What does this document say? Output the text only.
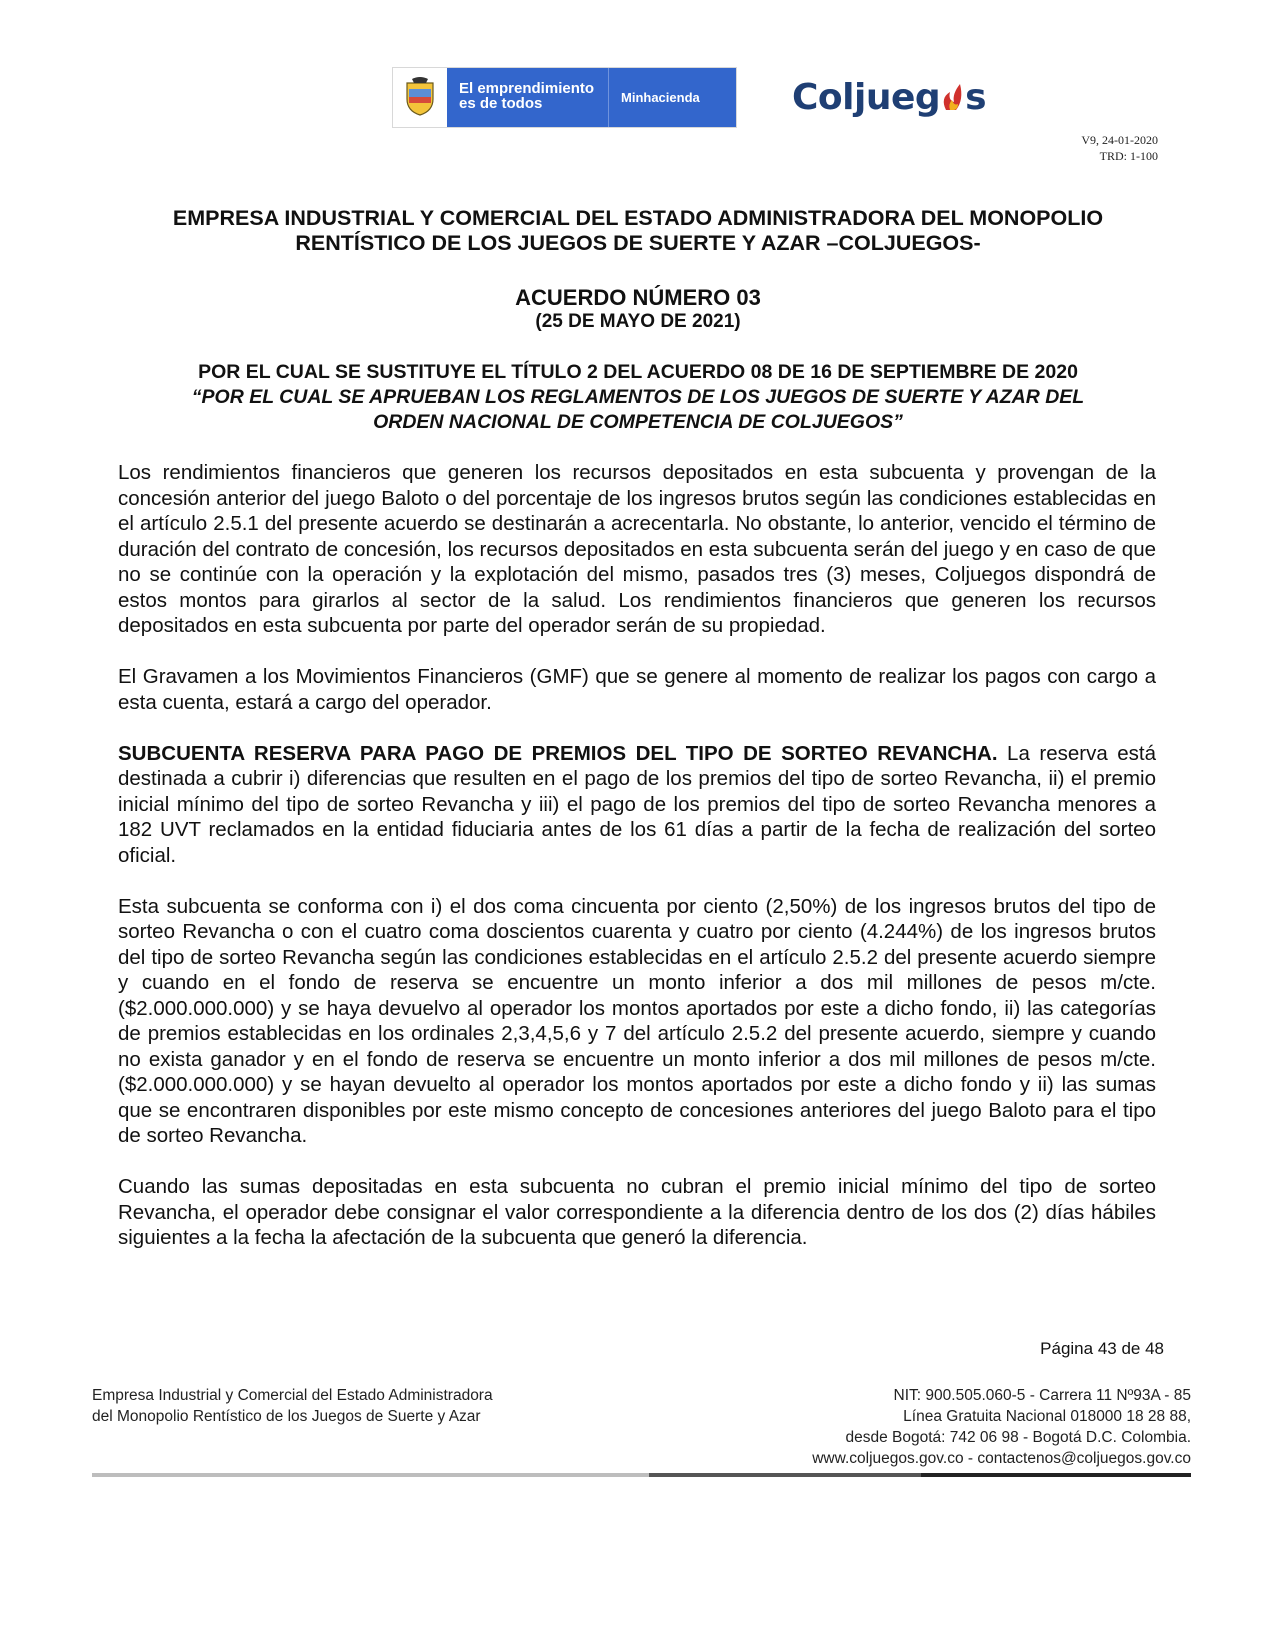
El emprendimiento
es de todos	Minhacienda	Coljueg s
V9, 24-01-2020
TRD: 1-100
EMPRESA INDUSTRIAL Y COMERCIAL DEL ESTADO ADMINISTRADORA DEL MONOPOLIO
RENTÍSTICO DE LOS JUEGOS DE SUERTE Y AZAR –COLJUEGOS-
ACUERDO NÚMERO 03
(25 DE MAYO DE 2021)
POR EL CUAL SE SUSTITUYE EL TÍTULO 2 DEL ACUERDO 08 DE 16 DE SEPTIEMBRE DE 2020
“POR EL CUAL SE APRUEBAN LOS REGLAMENTOS DE LOS JUEGOS DE SUERTE Y AZAR DEL
ORDEN NACIONAL DE COMPETENCIA DE COLJUEGOS”

Los rendimientos financieros que generen los recursos depositados en esta subcuenta y provengan de la concesión anterior del juego Baloto o del porcentaje de los ingresos brutos según las condiciones establecidas en el artículo 2.5.1 del presente acuerdo se destinarán a acrecentarla. No obstante, lo anterior, vencido el término de duración del contrato de concesión, los recursos depositados en esta subcuenta serán del juego y en caso de que no se continúe con la operación y la explotación del mismo, pasados tres (3) meses, Coljuegos dispondrá de estos montos para girarlos al sector de la salud. Los rendimientos financieros que generen los recursos depositados en esta subcuenta por parte del operador serán de su propiedad.

El Gravamen a los Movimientos Financieros (GMF) que se genere al momento de realizar los pagos con cargo a esta cuenta, estará a cargo del operador.

SUBCUENTA RESERVA PARA PAGO DE PREMIOS DEL TIPO DE SORTEO REVANCHA. La reserva está destinada a cubrir i) diferencias que resulten en el pago de los premios del tipo de sorteo Revancha, ii) el premio inicial mínimo del tipo de sorteo Revancha y iii) el pago de los premios del tipo de sorteo Revancha menores a 182 UVT reclamados en la entidad fiduciaria antes de los 61 días a partir de la fecha de realización del sorteo oficial.

Esta subcuenta se conforma con i) el dos coma cincuenta por ciento (2,50%) de los ingresos brutos del tipo de sorteo Revancha o con el cuatro coma doscientos cuarenta y cuatro por ciento (4.244%) de los ingresos brutos del tipo de sorteo Revancha según las condiciones establecidas en el artículo 2.5.2 del presente acuerdo siempre y cuando en el fondo de reserva se encuentre un monto inferior a dos mil millones de pesos m/cte. ($2.000.000.000) y se haya devuelvo al operador los montos aportados por este a dicho fondo, ii) las categorías de premios establecidas en los ordinales 2,3,4,5,6 y 7 del artículo 2.5.2 del presente acuerdo, siempre y cuando no exista ganador y en el fondo de reserva se encuentre un monto inferior a dos mil millones de pesos m/cte. ($2.000.000.000) y se hayan devuelto al operador los montos aportados por este a dicho fondo y ii) las sumas que se encontraren disponibles por este mismo concepto de concesiones anteriores del juego Baloto para el tipo de sorteo Revancha.

Cuando las sumas depositadas en esta subcuenta no cubran el premio inicial mínimo del tipo de sorteo Revancha, el operador debe consignar el valor correspondiente a la diferencia dentro de los dos (2) días hábiles siguientes a la fecha la afectación de la subcuenta que generó la diferencia.

Página 43 de 48
Empresa Industrial y Comercial del Estado Administradora
del Monopolio Rentístico de los Juegos de Suerte y Azar
NIT: 900.505.060-5 - Carrera 11 Nº93A - 85
Línea Gratuita Nacional 018000 18 28 88,
desde Bogotá: 742 06 98 - Bogotá D.C. Colombia.
www.coljuegos.gov.co - contactenos@coljuegos.gov.co
